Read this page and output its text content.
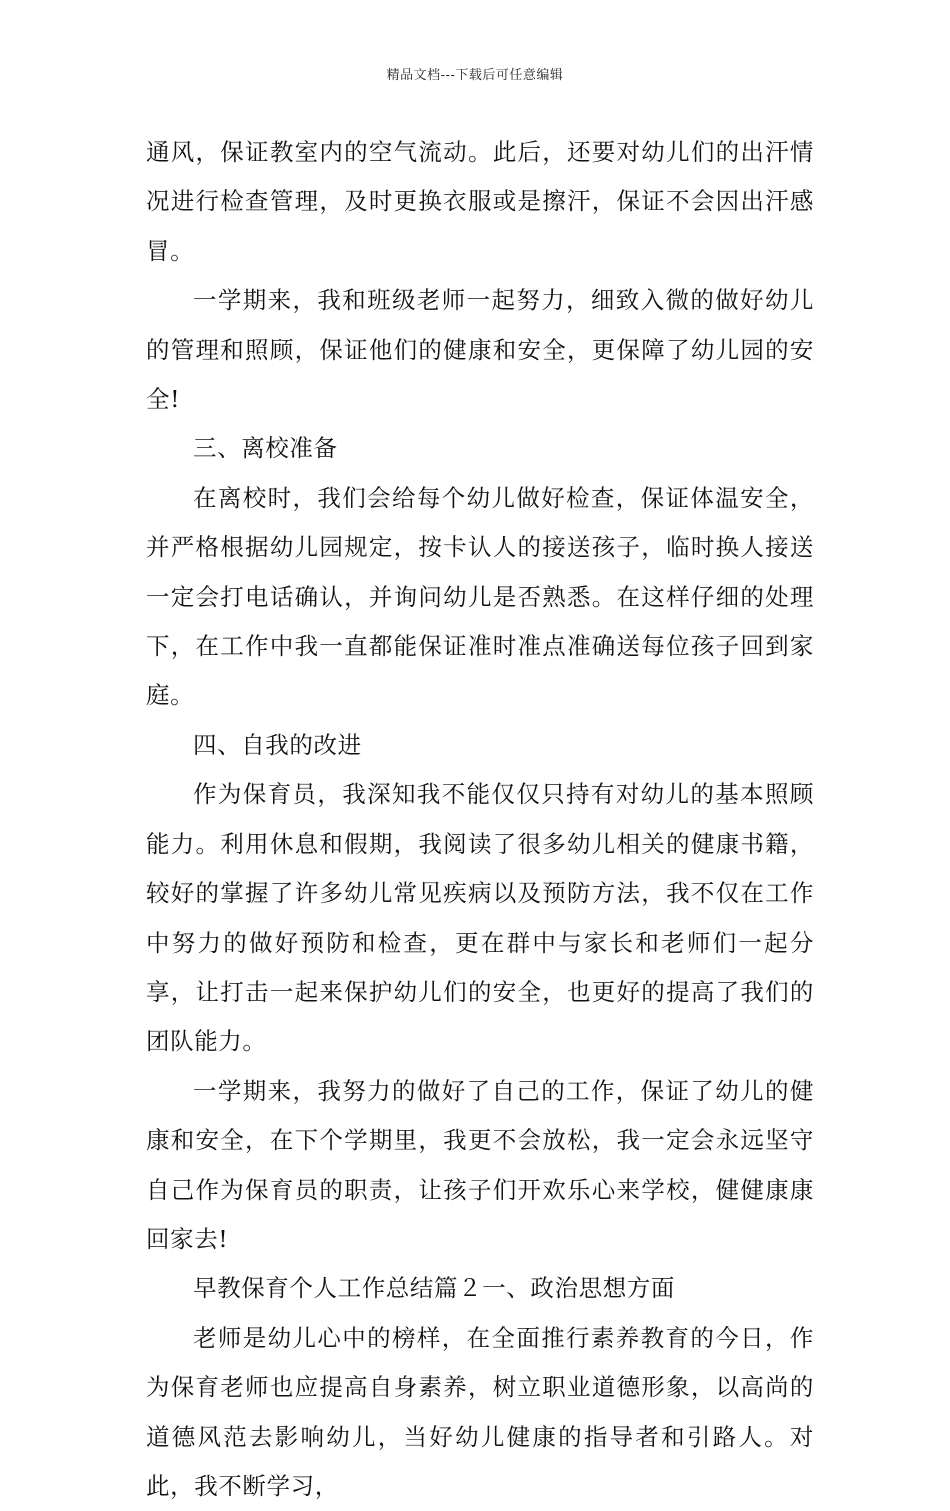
精品文档---下载后可任意编辑

通风，保证教室内的空气流动。此后，还要对幼儿们的出汗情况进行检查管理，及时更换衣服或是擦汗，保证不会因出汗感冒。

一学期来，我和班级老师一起努力，细致入微的做好幼儿的管理和照顾，保证他们的健康和安全，更保障了幼儿园的安全!

三、离校准备

在离校时，我们会给每个幼儿做好检查，保证体温安全，并严格根据幼儿园规定，按卡认人的接送孩子，临时换人接送一定会打电话确认，并询问幼儿是否熟悉。在这样仔细的处理下，在工作中我一直都能保证准时准点准确送每位孩子回到家庭。

四、自我的改进

作为保育员，我深知我不能仅仅只持有对幼儿的基本照顾能力。利用休息和假期，我阅读了很多幼儿相关的健康书籍，较好的掌握了许多幼儿常见疾病以及预防方法，我不仅在工作中努力的做好预防和检查，更在群中与家长和老师们一起分享，让打击一起来保护幼儿们的安全，也更好的提高了我们的团队能力。

一学期来，我努力的做好了自己的工作，保证了幼儿的健康和安全，在下个学期里，我更不会放松，我一定会永远坚守自己作为保育员的职责，让孩子们开欢乐心来学校，健健康康回家去!

早教保育个人工作总结篇２一、政治思想方面

老师是幼儿心中的榜样，在全面推行素养教育的今日，作为保育老师也应提高自身素养，树立职业道德形象，以高尚的道德风范去影响幼儿，当好幼儿健康的指导者和引路人。对此，我不断学习，
